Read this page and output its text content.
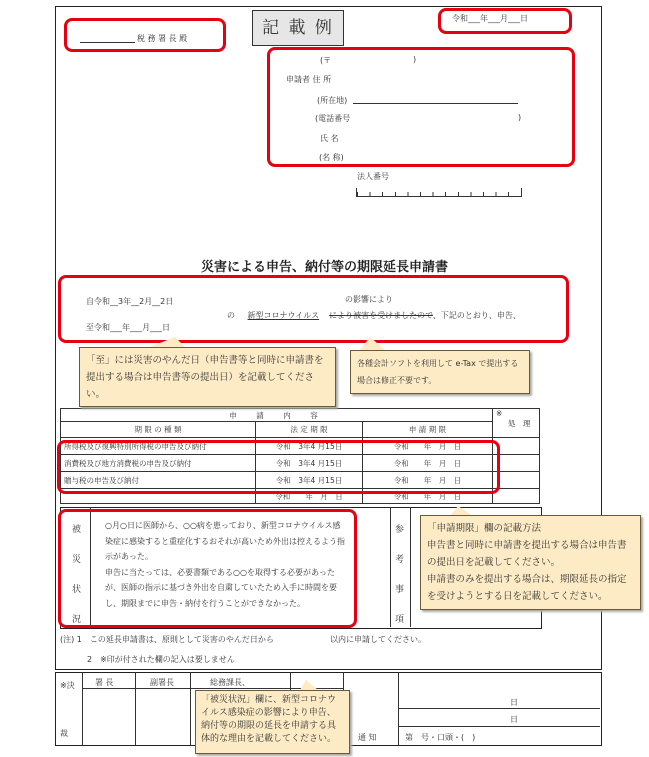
記 載 例
税 務 署 長 殿
令和___年___月___日
(〒	)
申請者 住 所
(所在地)
(電話番号	)
氏 名
(名 称)
法人番号
災害による申告、納付等の期限延長申請書
自令和__3年__2月__2日
至令和___年___月___日
の影響により
の 新型コロナウイルス により被害を受けましたので、下記のとおり、申告、
申　請　内　容			※
処　理
期 限 の 種 類	法 定 期 限	申 請 期 限	
所得税及び復興特別所得税の申告及び納付	令和　3年4 月15日	令和　　年　月　日	
消費税及び地方消費税の申告及び納付	令和　3年4 月15日	令和　　年　月　日	
贈与税の申告及び納付	令和　3年4 月15日	令和　　年　月　日	
	令和　　年　月　日	令和　　年　月　日	
被
災
状
況
参
考
事
項
○月○日に医師から、○○病を患っており、新型コロナウイルス感染症に感染すると重症化するおそれが高いため外出は控えるよう指示があった。
申告に当たっては、必要書類である○○を取得する必要があったが、医師の指示に基づき外出を自粛していたため入手に時間を要し、期限までに申告・納付を行うことができなかった。
(注) 1　この延長申請書は、原則として災害のやんだ日から	以内に申請してください。
2　※印が付された欄の記入は要しません
※決
裁
署 長	副署長	総務課長、
日
日
通 知	第　号・口頭・(　)
「至」には災害のやんだ日（申告書等と同時に申請書を提出する場合は申告書等の提出日）を記載してください。
各種会計ソフトを利用して e-Tax で提出する場合は修正不要です。
「申請期限」欄の記載方法
申告書と同時に申請書を提出する場合は申告書の提出日を記載してください。
申請書のみを提出する場合は、期限延長の指定を受けようとする日を記載してください。
「被災状況」欄に、新型コロナウイルス感染症の影響により申告、納付等の期限の延長を申請する具体的な理由を記載してください。
